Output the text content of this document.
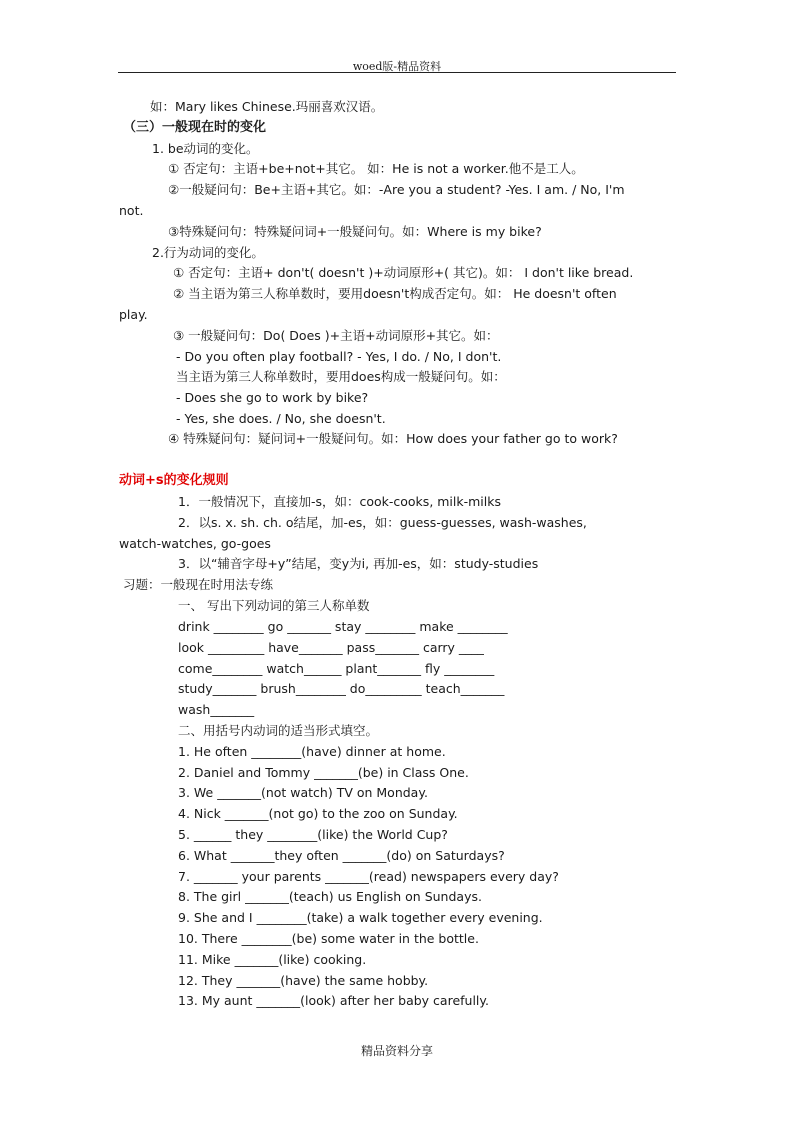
woed版-精品资料
如：Mary likes Chinese.玛丽喜欢汉语。
（三）一般现在时的变化
1. be动词的变化。
① 否定句：主语+be+not+其它。 如：He is not a worker.他不是工人。
②一般疑问句：Be+主语+其它。如：-Are you a student? -Yes. I am. / No, I'm
not.
③特殊疑问句：特殊疑问词+一般疑问句。如：Where is my bike?
2.行为动词的变化。
① 否定句：主语+ don't( doesn't )+动词原形+( 其它)。如： I don't like bread.
② 当主语为第三人称单数时，要用doesn't构成否定句。如： He doesn't often
play.
③ 一般疑问句：Do( Does )+主语+动词原形+其它。如：
- Do you often play football? - Yes, I do. / No, I don't.
当主语为第三人称单数时，要用does构成一般疑问句。如：
- Does she go to work by bike?
- Yes, she does. / No, she doesn't.
④ 特殊疑问句：疑问词+一般疑问句。如：How does your father go to work?
动词+s的变化规则
1．一般情况下，直接加-s，如：cook-cooks, milk-milks
2．以s. x. sh. ch. o结尾，加-es，如：guess-guesses, wash-washes,
watch-watches, go-goes
3．以“辅音字母+y”结尾，变y为i, 再加-es，如：study-studies
习题：一般现在时用法专练
一、 写出下列动词的第三人称单数
drink ________ go _______ stay ________ make ________
look _________ have_______ pass_______ carry ____
come________ watch______ plant_______ fly ________
study_______ brush________ do_________ teach_______
wash_______
二、用括号内动词的适当形式填空。
1. He often ________(have) dinner at home.
2. Daniel and Tommy _______(be) in Class One.
3. We _______(not watch) TV on Monday.
4. Nick _______(not go) to the zoo on Sunday.
5. ______ they ________(like) the World Cup?
6. What _______they often _______(do) on Saturdays?
7. _______ your parents _______(read) newspapers every day?
8. The girl _______(teach) us English on Sundays.
9. She and I ________(take) a walk together every evening.
10. There ________(be) some water in the bottle.
11. Mike _______(like) cooking.
12. They _______(have) the same hobby.
13. My aunt _______(look) after her baby carefully.
精品资料分享
